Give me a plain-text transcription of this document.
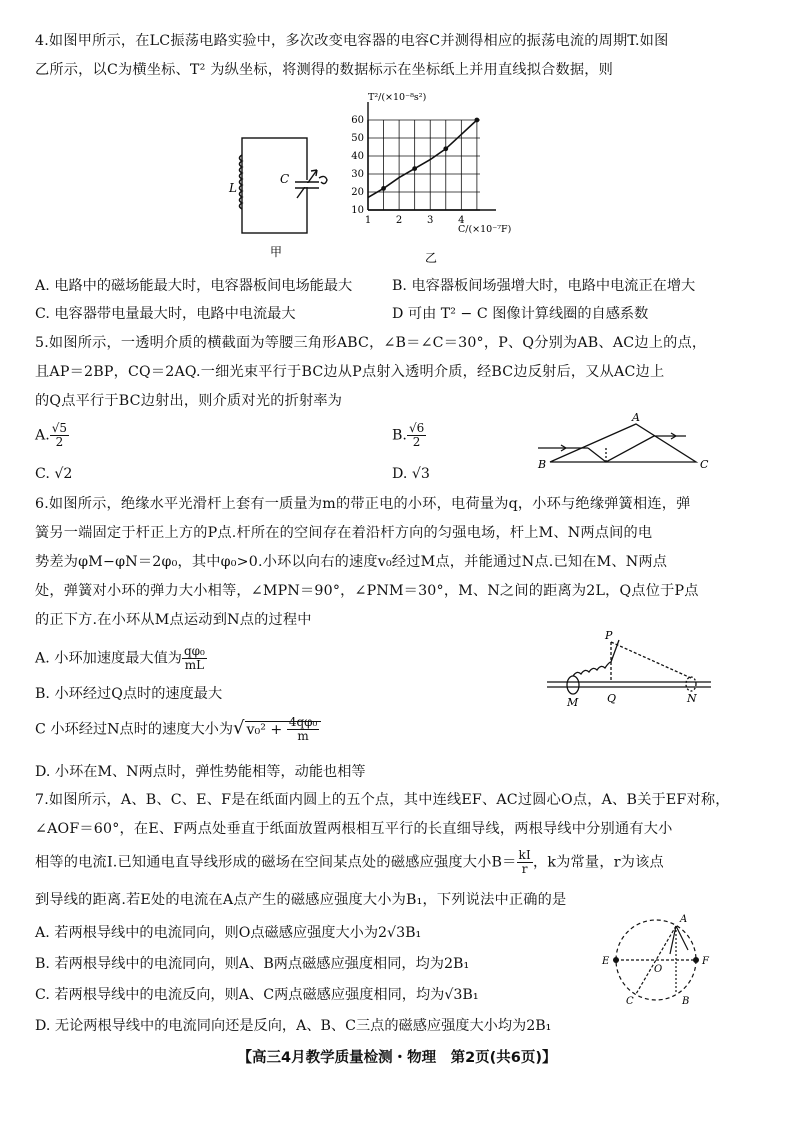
4.如图甲所示，在LC振荡电路实验中，多次改变电容器的电容C并测得相应的振荡电流的周期T.如图
乙所示，以C为横坐标、T² 为纵坐标，将测得的数据标示在坐标纸上并用直线拟合数据，则
L
C
甲
10
20
30
40
50
60
1 2 3 4
T²/(×10⁻⁸s²)
C/(×10⁻⁷F)
乙
A. 电路中的磁场能最大时，电容器板间电场能最大	B. 电容器板间场强增大时，电路中电流正在增大
C. 电容器带电量最大时，电路中电流最大	D 可由 T² − C 图像计算线圈的自感系数
5.如图所示，一透明介质的横截面为等腰三角形ABC，∠B＝∠C＝30°，P、Q分别为AB、AC边上的点，
且AP＝2BP，CQ＝2AQ.一细光束平行于BC边从P点射入透明介质，经BC边反射后，又从AC边上
的Q点平行于BC边射出，则介质对光的折射率为
A. $\frac{√5}{2}$	B. $\frac{√6}{2}$
C. √2	D. √3
A
B	C
6.如图所示，绝缘水平光滑杆上套有一质量为m的带正电的小环，电荷量为q，小环与绝缘弹簧相连，弹
簧另一端固定于杆正上方的P点.杆所在的空间存在着沿杆方向的匀强电场，杆上M、N两点间的电
势差为φM−φN＝2φ₀，其中φ₀>0.小环以向右的速度v₀经过M点，并能通过N点.已知在M、N两点
处，弹簧对小环的弹力大小相等，∠MPN＝90°，∠PNM＝30°，M、N之间的距离为2L，Q点位于P点
的正下方.在小环从M点运动到N点的过程中
A. 小环加速度最大值为 $\frac{\text{qφ₀}}{mL}$
B. 小环经过Q点时的速度最大
C 小环经过N点时的速度大小为√ $v_0^2 + \frac{\text{4qφ₀}}{m}$
D. 小环在M、N两点时，弹性势能相等，动能也相等
P
M	Q	N
7.如图所示，A、B、C、E、F是在纸面内圆上的五个点，其中连线EF、AC过圆心O点，A、B关于EF对称，
∠AOF＝60°，在E、F两点处垂直于纸面放置两根相互平行的长直细导线，两根导线中分别通有大小
相等的电流I.已知通电直导线形成的磁场在空间某点处的磁感应强度大小$B= \frac{kI}{r}$ ，k为常量，r为该点
到导线的距离.若E处的电流在A点产生的磁感应强度大小为B₁，下列说法中正确的是
A. 若两根导线中的电流同向，则O点磁感应强度大小为2√3B₁
B. 若两根导线中的电流同向，则A、B两点磁感应强度相同，均为2B₁
C. 若两根导线中的电流反向，则A、C两点磁感应强度相同，均为√3B₁
D. 无论两根导线中的电流同向还是反向，A、B、C三点的磁感应强度大小均为2B₁
E	F
O
A
B
C
【高三4月教学质量检测・物理　第2页(共6页)】
